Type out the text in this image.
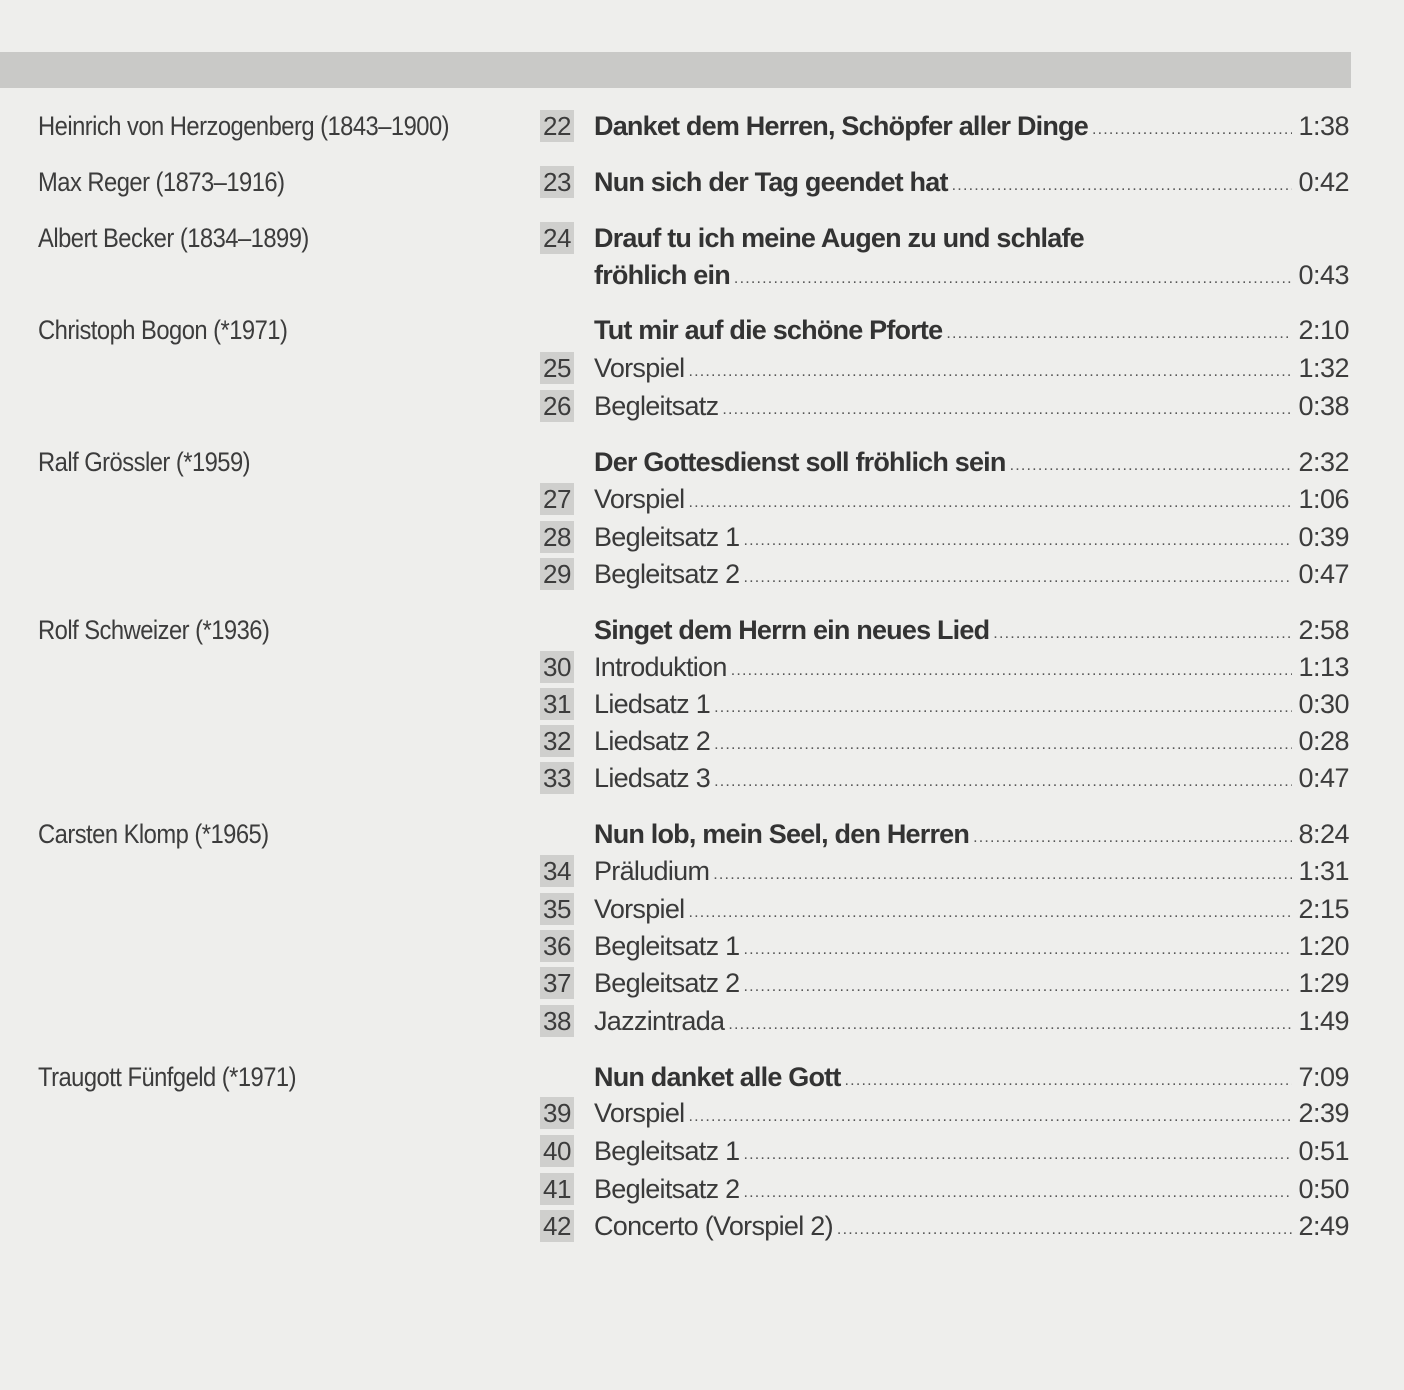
Heinrich von Herzogenberg (1843–1900)	22 Danket dem Herren, Schöpfer aller Dinge .....	1:38
Max Reger (1873–1916)	23 Nun sich der Tag geendet hat .....	0:42
Albert Becker (1834–1899)	24 Drauf tu ich meine Augen zu und schlafe
fröhlich ein .....	0:43
Christoph Bogon (*1971)	Tut mir auf die schöne Pforte .....	2:10
25 Vorspiel .....	1:32
26 Begleitsatz .....	0:38
Ralf Grössler (*1959)	Der Gottesdienst soll fröhlich sein .....	2:32
27 Vorspiel .....	1:06
28 Begleitsatz 1 .....	0:39
29 Begleitsatz 2 .....	0:47
Rolf Schweizer (*1936)	Singet dem Herrn ein neues Lied .....	2:58
30 Introduktion .....	1:13
31 Liedsatz 1 .....	0:30
32 Liedsatz 2 .....	0:28
33 Liedsatz 3 .....	0:47
Carsten Klomp (*1965)	Nun lob, mein Seel, den Herren .....	8:24
34 Präludium .....	1:31
35 Vorspiel .....	2:15
36 Begleitsatz 1 .....	1:20
37 Begleitsatz 2 .....	1:29
38 Jazzintrada .....	1:49
Traugott Fünfgeld (*1971)	Nun danket alle Gott .....	7:09
39 Vorspiel .....	2:39
40 Begleitsatz 1 .....	0:51
41 Begleitsatz 2 .....	0:50
42 Concerto (Vorspiel 2) .....	2:49
